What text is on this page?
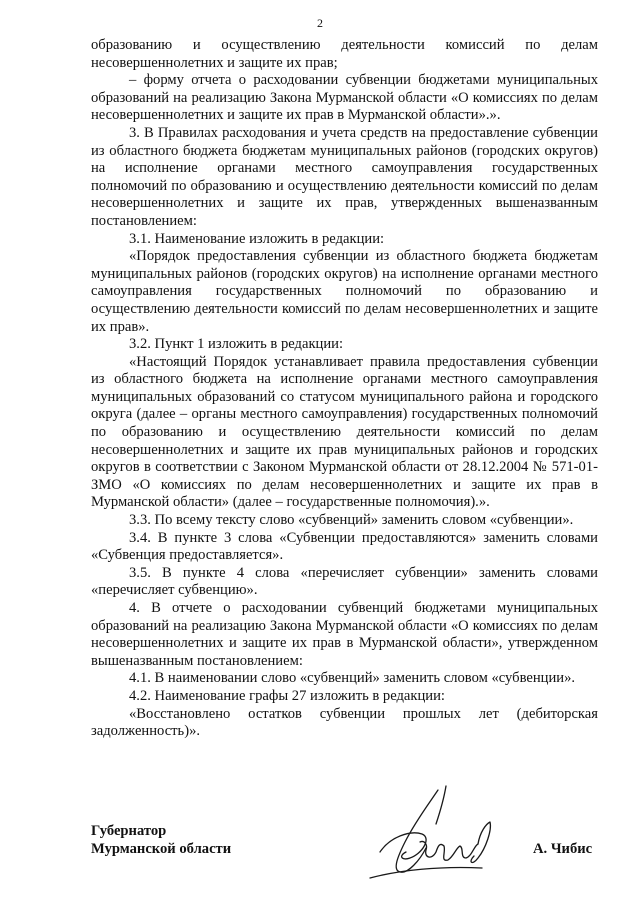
2

образованию и осуществлению деятельности комиссий по делам несовершеннолетних и защите их прав;

– форму отчета о расходовании субвенции бюджетами муниципальных образований на реализацию Закона Мурманской области «О комиссиях по делам несовершеннолетних и защите их прав в Мурманской области».».

3. В Правилах расходования и учета средств на предоставление субвенции из областного бюджета бюджетам муниципальных районов (городских округов) на исполнение органами местного самоуправления государственных полномочий по образованию и осуществлению деятельности комиссий по делам несовершеннолетних и защите их прав, утвержденных вышеназванным постановлением:

3.1. Наименование изложить в редакции:

«Порядок предоставления субвенции из областного бюджета бюджетам муниципальных районов (городских округов) на исполнение органами местного самоуправления государственных полномочий по образованию и осуществлению деятельности комиссий по делам несовершеннолетних и защите их прав».

3.2. Пункт 1 изложить в редакции:

«Настоящий Порядок устанавливает правила предоставления субвенции из областного бюджета на исполнение органами местного самоуправления муниципальных образований со статусом муниципального района и городского округа (далее – органы местного самоуправления) государственных полномочий по образованию и осуществлению деятельности комиссий по делам несовершеннолетних и защите их прав муниципальных районов и городских округов в соответствии с Законом Мурманской области от 28.12.2004 № 571-01-ЗМО «О комиссиях по делам несовершеннолетних и защите их прав в Мурманской области» (далее – государственные полномочия).».

3.3. По всему тексту слово «субвенций» заменить словом «субвенции».

3.4. В пункте 3 слова «Субвенции предоставляются» заменить словами «Субвенция предоставляется».

3.5. В пункте 4 слова «перечисляет субвенции» заменить словами «перечисляет субвенцию».

4. В отчете о расходовании субвенций бюджетами муниципальных образований на реализацию Закона Мурманской области «О комиссиях по делам несовершеннолетних и защите их прав в Мурманской области», утвержденном вышеназванным постановлением:

4.1. В наименовании слово «субвенций» заменить словом «субвенции».

4.2. Наименование графы 27 изложить в редакции:

«Восстановлено остатков субвенции прошлых лет (дебиторская задолженность)».

Губернатор
Мурманской области	А. Чибис
